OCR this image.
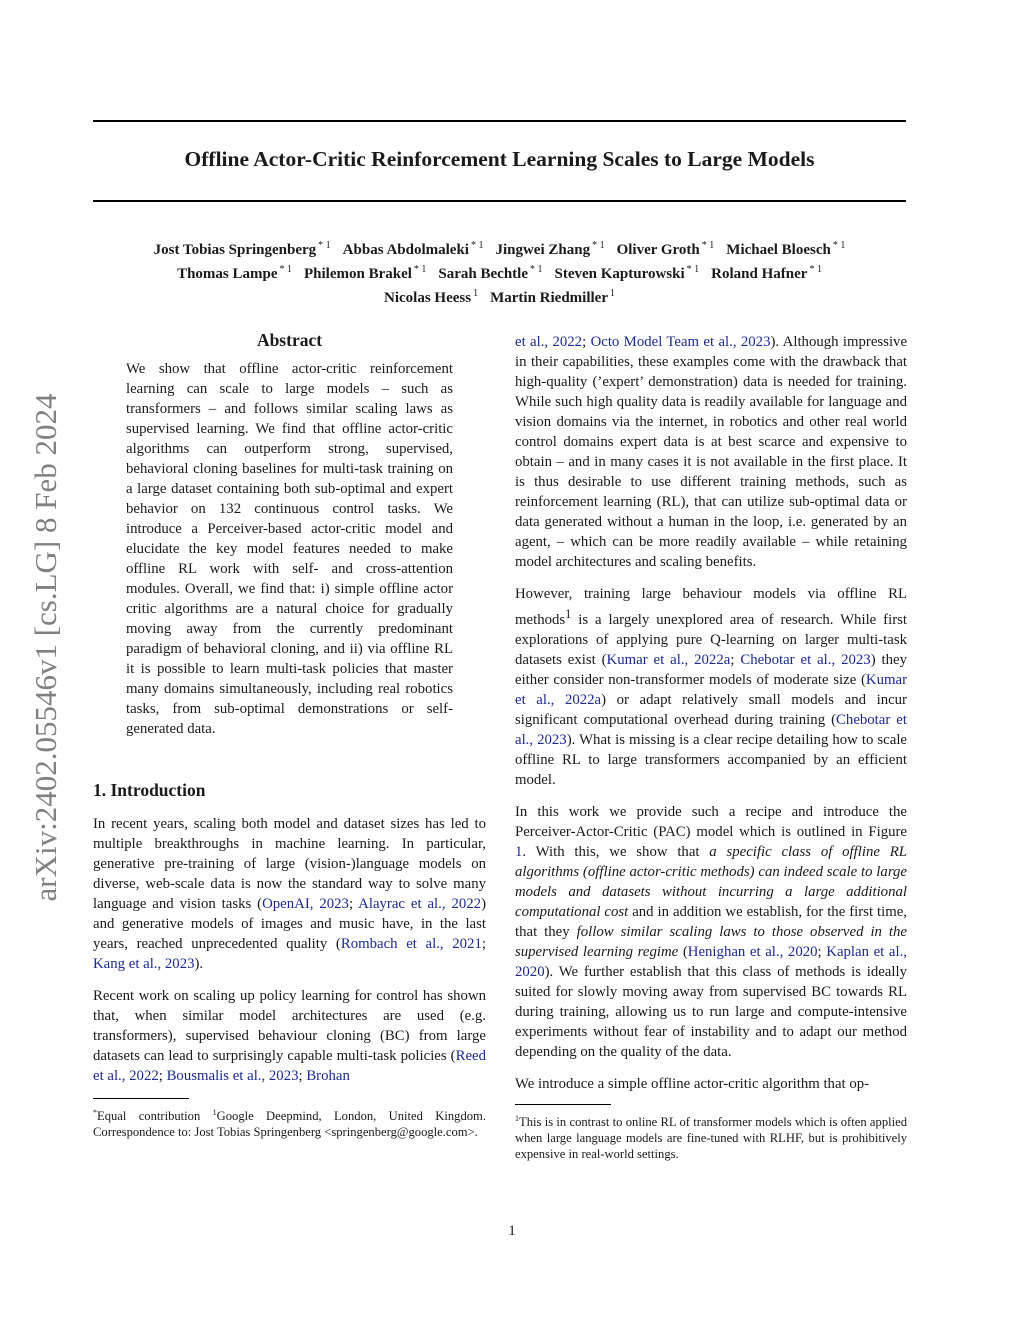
Offline Actor-Critic Reinforcement Learning Scales to Large Models
Jost Tobias Springenberg $^{* 1}$ Abbas Abdolmaleki $^{* 1}$ Jingwei Zhang $^{* 1}$ Oliver Groth $^{* 1}$ Michael Bloesch $^{* 1}$
Thomas Lampe $^{* 1}$ Philemon Brakel $^{* 1}$ Sarah Bechtle $^{* 1}$ Steven Kapturowski $^{* 1}$ Roland Hafner $^{* 1}$
Nicolas Heess $^1$ Martin Riedmiller $^1$
arXiv:2402.05546v1 [cs.LG] 8 Feb 2024
Abstract

We show that offline actor-critic reinforcement learning can scale to large models – such as transformers – and follows similar scaling laws as supervised learning. We find that offline actor-critic algorithms can outperform strong, supervised, behavioral cloning baselines for multi-task training on a large dataset containing both sub-optimal and expert behavior on 132 continuous control tasks. We introduce a Perceiver-based actor-critic model and elucidate the key model features needed to make offline RL work with self- and cross-attention modules. Overall, we find that: i) simple offline actor critic algorithms are a natural choice for gradually moving away from the currently predominant paradigm of behavioral cloning, and ii) via offline RL it is possible to learn multi-task policies that master many domains simultaneously, including real robotics tasks, from sub-optimal demonstrations or self-generated data.

1. Introduction

In recent years, scaling both model and dataset sizes has led to multiple breakthroughs in machine learning. In particular, generative pre-training of large (vision-)language models on diverse, web-scale data is now the standard way to solve many language and vision tasks (OpenAI, 2023; Alayrac et al., 2022) and generative models of images and music have, in the last years, reached unprecedented quality (Rombach et al., 2021; Kang et al., 2023).

Recent work on scaling up policy learning for control has shown that, when similar model architectures are used (e.g. transformers), supervised behaviour cloning (BC) from large datasets can lead to surprisingly capable multi-task policies (Reed et al., 2022; Bousmalis et al., 2023; Brohan

*Equal contribution $^1$Google Deepmind, London, United Kingdom. Correspondence to: Jost Tobias Springenberg <springenberg@google.com>.
1

et al., 2022; Octo Model Team et al., 2023). Although impressive in their capabilities, these examples come with the drawback that high-quality (’expert’ demonstration) data is needed for training. While such high quality data is readily available for language and vision domains via the internet, in robotics and other real world control domains expert data is at best scarce and expensive to obtain – and in many cases it is not available in the first place. It is thus desirable to use different training methods, such as reinforcement learning (RL), that can utilize sub-optimal data or data generated without a human in the loop, i.e. generated by an agent, – which can be more readily available – while retaining model architectures and scaling benefits.

However, training large behaviour models via offline RL methods$^1$ is a largely unexplored area of research. While first explorations of applying pure Q-learning on larger multi-task datasets exist (Kumar et al., 2022a; Chebotar et al., 2023) they either consider non-transformer models of moderate size (Kumar et al., 2022a) or adapt relatively small models and incur significant computational overhead during training (Chebotar et al., 2023). What is missing is a clear recipe detailing how to scale offline RL to large transformers accompanied by an efficient model.

In this work we provide such a recipe and introduce the Perceiver-Actor-Critic (PAC) model which is outlined in Figure 1. With this, we show that a specific class of offline RL algorithms (offline actor-critic methods) can indeed scale to large models and datasets without incurring a large additional computational cost and in addition we establish, for the first time, that they follow similar scaling laws to those observed in the supervised learning regime (Henighan et al., 2020; Kaplan et al., 2020). We further establish that this class of methods is ideally suited for slowly moving away from supervised BC towards RL during training, allowing us to run large and compute-intensive experiments without fear of instability and to adapt our method depending on the quality of the data.

We introduce a simple offline actor-critic algorithm that op-

$^1$This is in contrast to online RL of transformer models which is often applied when large language models are fine-tuned with RLHF, but is prohibitively expensive in real-world settings.
